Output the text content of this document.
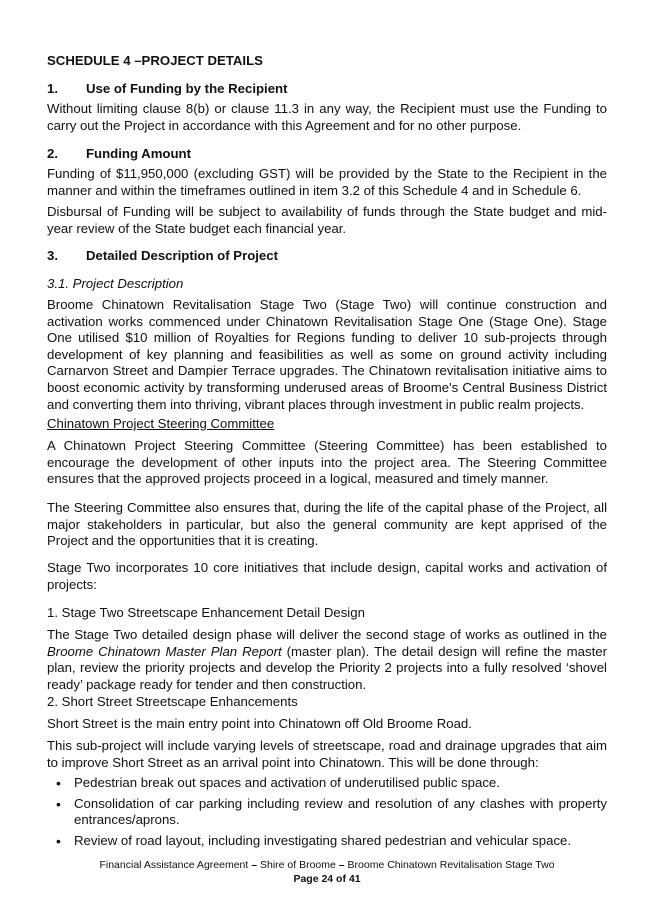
SCHEDULE 4 –PROJECT DETAILS

1. Use of Funding by the Recipient

Without limiting clause 8(b) or clause 11.3 in any way, the Recipient must use the Funding to carry out the Project in accordance with this Agreement and for no other purpose.

2. Funding Amount

Funding of $11,950,000 (excluding GST) will be provided by the State to the Recipient in the manner and within the timeframes outlined in item 3.2 of this Schedule 4 and in Schedule 6.

Disbursal of Funding will be subject to availability of funds through the State budget and mid-year review of the State budget each financial year.

3. Detailed Description of Project

3.1. Project Description

Broome Chinatown Revitalisation Stage Two (Stage Two) will continue construction and activation works commenced under Chinatown Revitalisation Stage One (Stage One). Stage One utilised $10 million of Royalties for Regions funding to deliver 10 sub-projects through development of key planning and feasibilities as well as some on ground activity including Carnarvon Street and Dampier Terrace upgrades. The Chinatown revitalisation initiative aims to boost economic activity by transforming underused areas of Broome's Central Business District and converting them into thriving, vibrant places through investment in public realm projects.

Chinatown Project Steering Committee

A Chinatown Project Steering Committee (Steering Committee) has been established to encourage the development of other inputs into the project area. The Steering Committee ensures that the approved projects proceed in a logical, measured and timely manner.

The Steering Committee also ensures that, during the life of the capital phase of the Project, all major stakeholders in particular, but also the general community are kept apprised of the Project and the opportunities that it is creating.

Stage Two incorporates 10 core initiatives that include design, capital works and activation of projects:

1. Stage Two Streetscape Enhancement Detail Design

The Stage Two detailed design phase will deliver the second stage of works as outlined in the Broome Chinatown Master Plan Report (master plan). The detail design will refine the master plan, review the priority projects and develop the Priority 2 projects into a fully resolved ‘shovel ready’ package ready for tender and then construction.

2. Short Street Streetscape Enhancements

Short Street is the main entry point into Chinatown off Old Broome Road.

This sub-project will include varying levels of streetscape, road and drainage upgrades that aim to improve Short Street as an arrival point into Chinatown. This will be done through:

• Pedestrian break out spaces and activation of underutilised public space.
• Consolidation of car parking including review and resolution of any clashes with property entrances/aprons.
• Review of road layout, including investigating shared pedestrian and vehicular space.
Financial Assistance Agreement – Shire of Broome – Broome Chinatown Revitalisation Stage Two
Page 24 of 41
